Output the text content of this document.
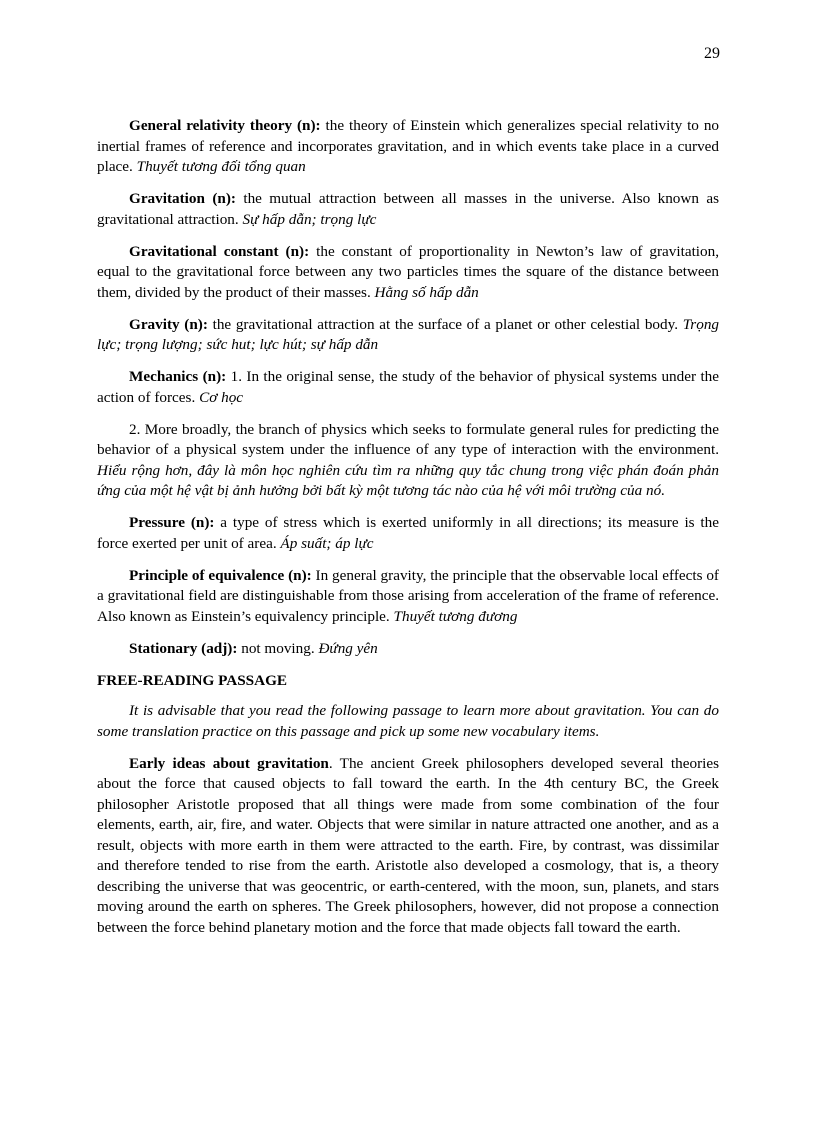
29

General relativity theory (n): the theory of Einstein which generalizes special relativity to no inertial frames of reference and incorporates gravitation, and in which events take place in a curved place. Thuyết tương đối tổng quan

Gravitation (n): the mutual attraction between all masses in the universe. Also known as gravitational attraction. Sự hấp dẫn; trọng lực

Gravitational constant (n): the constant of proportionality in Newton’s law of gravitation, equal to the gravitational force between any two particles times the square of the distance between them, divided by the product of their masses. Hằng số hấp dẫn

Gravity (n): the gravitational attraction at the surface of a planet or other celestial body. Trọng lực; trọng lượng; sức hut; lực hút; sự hấp dẫn

Mechanics (n): 1. In the original sense, the study of the behavior of physical systems under the action of forces. Cơ học

2. More broadly, the branch of physics which seeks to formulate general rules for predicting the behavior of a physical system under the influence of any type of interaction with the environment. Hiểu rộng hơn, đây là môn học nghiên cứu tìm ra những quy tắc chung trong việc phán đoán phản ứng của một hệ vật bị ảnh hưởng bởi bất kỳ một tương tác nào của hệ với môi trường của nó.

Pressure (n): a type of stress which is exerted uniformly in all directions; its measure is the force exerted per unit of area. Áp suất; áp lực

Principle of equivalence (n): In general gravity, the principle that the observable local effects of a gravitational field are distinguishable from those arising from acceleration of the frame of reference. Also known as Einstein’s equivalency principle. Thuyết tương đương

Stationary (adj): not moving. Đứng yên

FREE-READING PASSAGE

It is advisable that you read the following passage to learn more about gravitation. You can do some translation practice on this passage and pick up some new vocabulary items.

Early ideas about gravitation. The ancient Greek philosophers developed several theories about the force that caused objects to fall toward the earth. In the 4th century BC, the Greek philosopher Aristotle proposed that all things were made from some combination of the four elements, earth, air, fire, and water. Objects that were similar in nature attracted one another, and as a result, objects with more earth in them were attracted to the earth. Fire, by contrast, was dissimilar and therefore tended to rise from the earth. Aristotle also developed a cosmology, that is, a theory describing the universe that was geocentric, or earth-centered, with the moon, sun, planets, and stars moving around the earth on spheres. The Greek philosophers, however, did not propose a connection between the force behind planetary motion and the force that made objects fall toward the earth.
